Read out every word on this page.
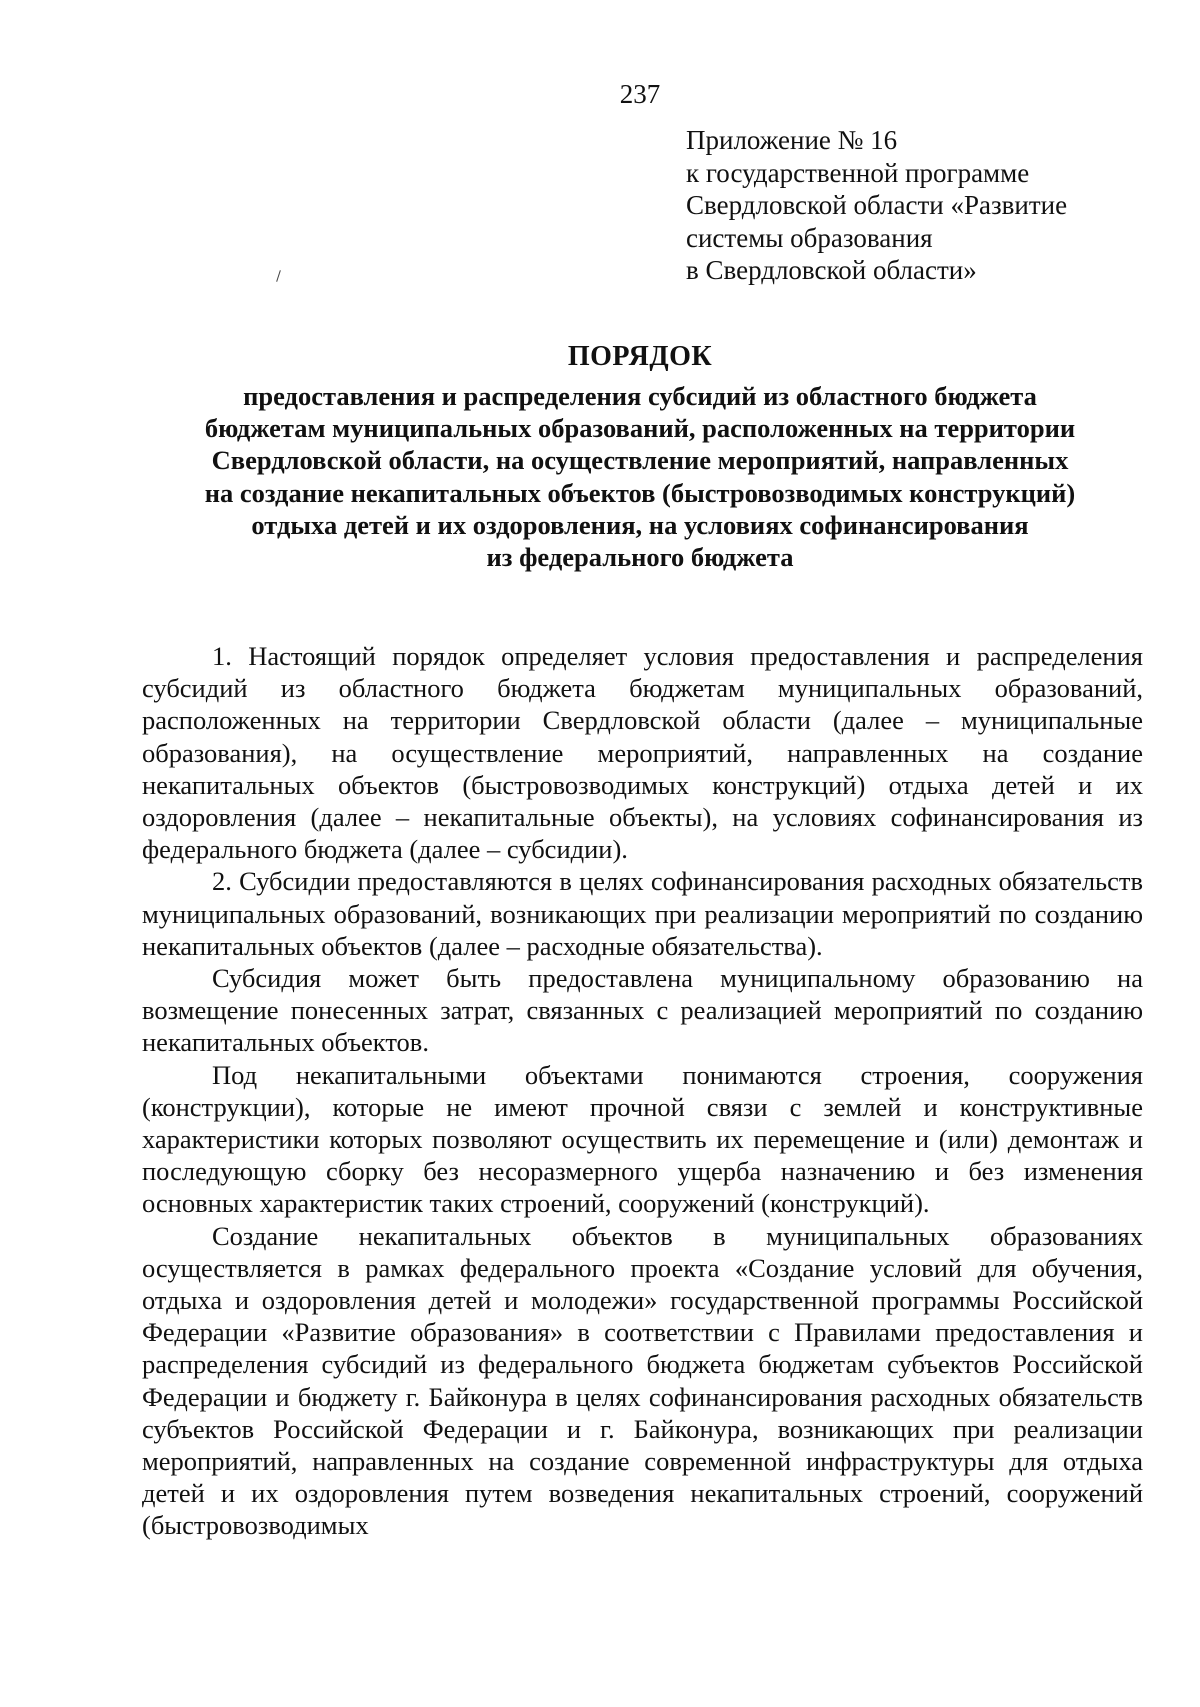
237
Приложение № 16
к государственной программе
Свердловской области «Развитие
системы образования
в Свердловской области»
ПОРЯДОК
предоставления и распределения субсидий из областного бюджета
бюджетам муниципальных образований, расположенных на территории
Свердловской области, на осуществление мероприятий, направленных
на создание некапитальных объектов (быстровозводимых конструкций)
отдыха детей и их оздоровления, на условиях софинансирования
из федерального бюджета

1. Настоящий порядок определяет условия предоставления и распределения субсидий из областного бюджета бюджетам муниципальных образований, расположенных на территории Свердловской области (далее – муниципальные образования), на осуществление мероприятий, направленных на создание некапитальных объектов (быстровозводимых конструкций) отдыха детей и их оздоровления (далее – некапитальные объекты), на условиях софинансирования из федерального бюджета (далее – субсидии).

2. Субсидии предоставляются в целях софинансирования расходных обязательств муниципальных образований, возникающих при реализации мероприятий по созданию некапитальных объектов (далее – расходные обязательства).

Субсидия может быть предоставлена муниципальному образованию на возмещение понесенных затрат, связанных с реализацией мероприятий по созданию некапитальных объектов.

Под некапитальными объектами понимаются строения, сооружения (конструкции), которые не имеют прочной связи с землей и конструктивные характеристики которых позволяют осуществить их перемещение и (или) демонтаж и последующую сборку без несоразмерного ущерба назначению и без изменения основных характеристик таких строений, сооружений (конструкций).

Создание некапитальных объектов в муниципальных образованиях осуществляется в рамках федерального проекта «Создание условий для обучения, отдыха и оздоровления детей и молодежи» государственной программы Российской Федерации «Развитие образования» в соответствии с Правилами предоставления и распределения субсидий из федерального бюджета бюджетам субъектов Российской Федерации и бюджету г. Байконура в целях софинансирования расходных обязательств субъектов Российской Федерации и г. Байконура, возникающих при реализации мероприятий, направленных на создание современной инфраструктуры для отдыха детей и их оздоровления путем возведения некапитальных строений, сооружений (быстровозводимых
